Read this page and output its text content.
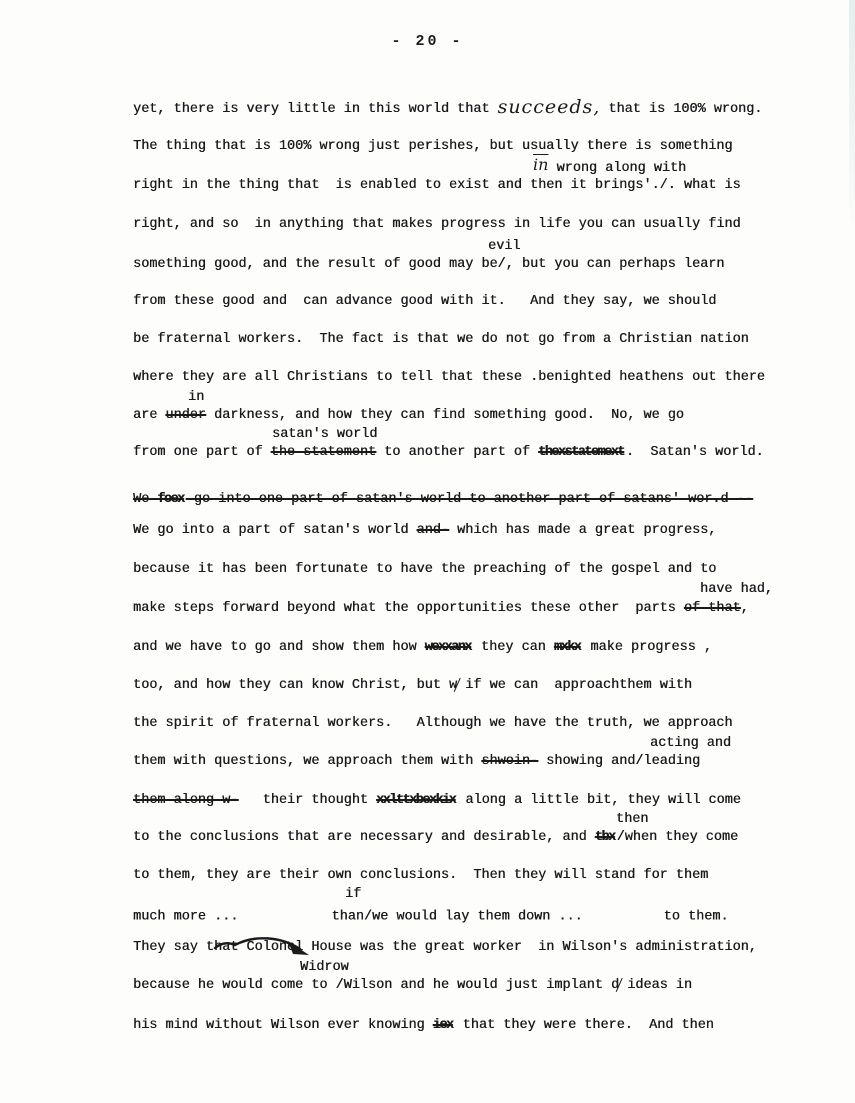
- 20 -
yet, there is very little in this world that succeeds, that is 100% wrong.
The thing that is 100% wrong just perishes, but usually there is something
$\overline{in}$ wrong along with
right in the thing that  is enabled to exist and then it brings'./. what is
right, and so  in anything that makes progress in life you can usually find
evil
something good, and the result of good may be/, but you can perhaps learn
from these good and  can advance good with it.   And they say, we should
be fraternal workers.  The fact is that we do not go from a Christian nation
where they are all Christians to tell that these .benighted heathens out there
in
are under darkness, and how they can find something good.  No, we go
satan's world
from one part of the statement to another part of thexstatemext .  Satan's world.
We foex go into one part of satan's world to another part of satans' wor.d --
We go into a part of satan's world and- which has made a great progress,
because it has been fortunate to have the preaching of the gospel and to
have had,
make steps forward beyond what the opportunities these other  parts of that,
and we have to go and show them how wexxanx they can mxkx make progress ,
too, and how they can know Christ, but w if we can  approachthem with
the spirit of fraternal workers.   Although we have the truth, we approach
acting and
them with questions, we approach them with shwoin- showing and/leading
them along w-   their thought xxlttxbexkix along a little bit, they will come
then
to the conclusions that are necessary and desirable, and tbx /when they come
to them, they are their own conclusions.  Then they will stand for them
if
much more ...
	than/we would lay them down ...          to them.
They say that Colonel House was the great worker  in Wilson's administration,
Widrow
because he would come to /Wilson and he would just implant d ideas in
his mind without Wilson ever knowing iex that they were there.  And then
